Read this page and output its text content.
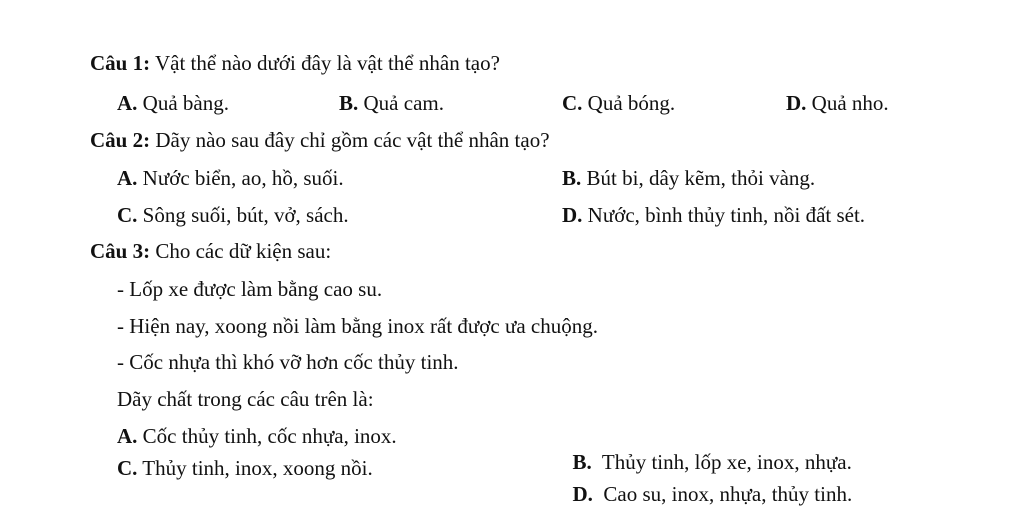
Câu 1: Vật thể nào dưới đây là vật thể nhân tạo?
A. Quả bàng.	B. Quả cam.	C. Quả bóng.	D. Quả nho.
Câu 2: Dãy nào sau đây chỉ gồm các vật thể nhân tạo?
A. Nước biển, ao, hồ, suối.	B. Bút bi, dây kẽm, thỏi vàng.
C. Sông suối, bút, vở, sách.	D. Nước, bình thủy tinh, nồi đất sét.
Câu 3: Cho các dữ kiện sau:
- Lốp xe được làm bằng cao su.
- Hiện nay, xoong nồi làm bằng inox rất được ưa chuộng.
- Cốc nhựa thì khó vỡ hơn cốc thủy tinh.
Dãy chất trong các câu trên là:
A. Cốc thủy tinh, cốc nhựa, inox.

B.  Thủy tinh, lốp xe, inox, nhựa.

C. Thủy tinh, inox, xoong nồi.

D.  Cao su, inox, nhựa, thủy tinh.
